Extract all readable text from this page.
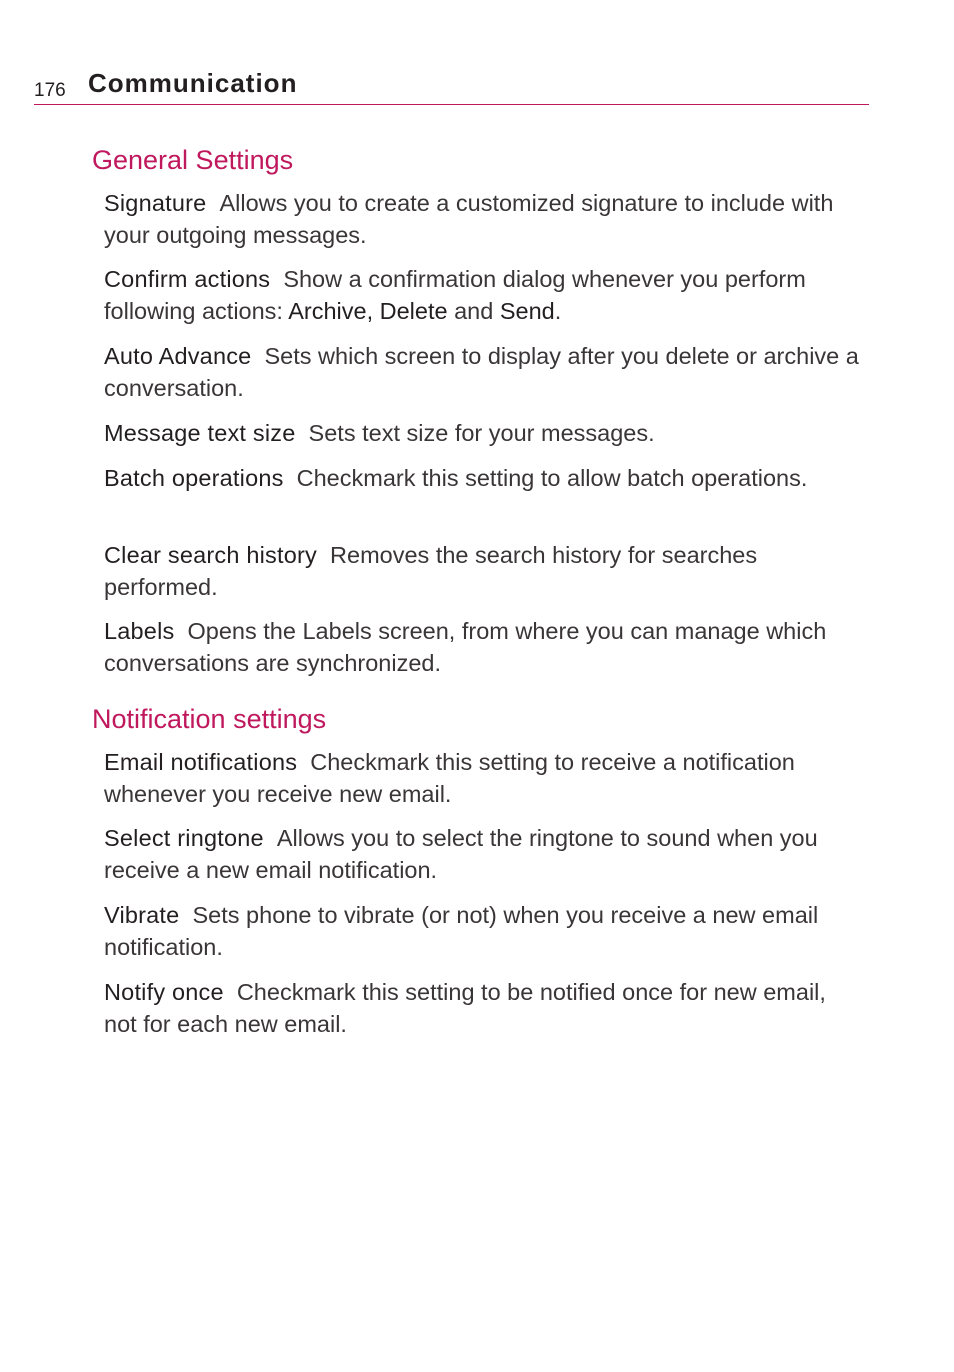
176 Communication
General Settings

Signature Allows you to create a customized signature to include with your outgoing messages.

Confirm actions Show a confirmation dialog whenever you perform following actions: Archive, Delete and Send.

Auto Advance Sets which screen to display after you delete or archive a conversation.

Message text size Sets text size for your messages.

Batch operations Checkmark this setting to allow batch operations.

Clear search history Removes the search history for searches performed.

Labels Opens the Labels screen, from where you can manage which conversations are synchronized.

Notification settings

Email notifications Checkmark this setting to receive a notification whenever you receive new email.

Select ringtone Allows you to select the ringtone to sound when you receive a new email notification.

Vibrate Sets phone to vibrate (or not) when you receive a new email notification.

Notify once Checkmark this setting to be notified once for new email, not for each new email.
